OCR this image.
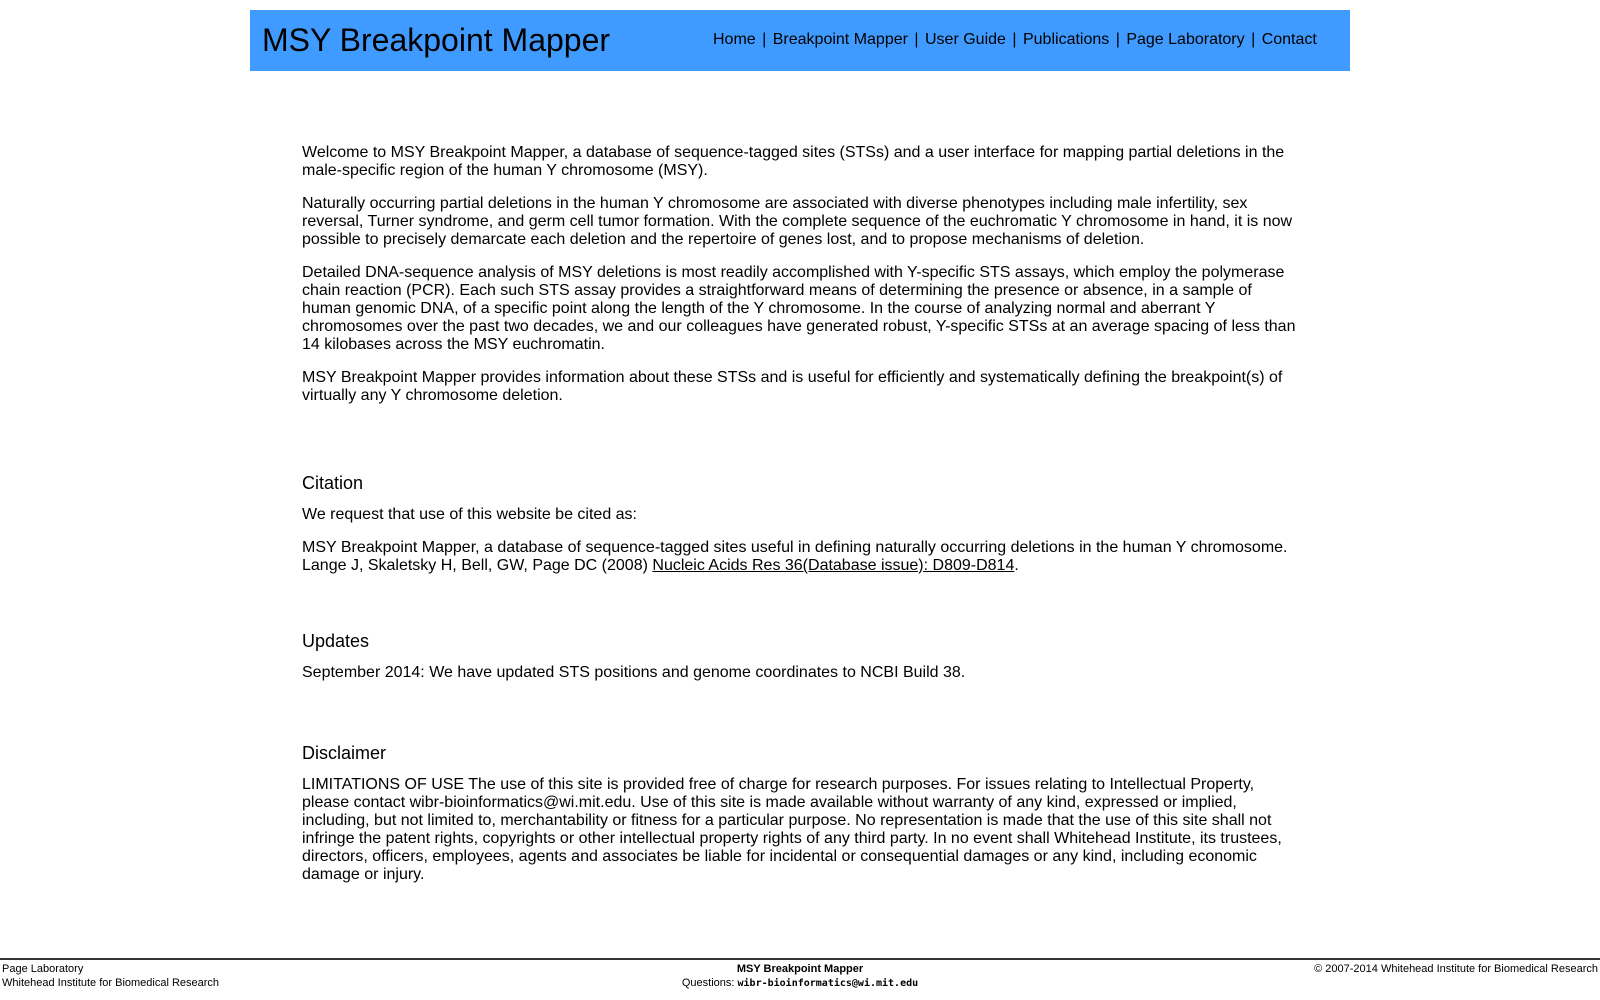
MSY Breakpoint Mapper	Home | Breakpoint Mapper | User Guide | Publications | Page Laboratory | Contact

Welcome to MSY Breakpoint Mapper, a database of sequence-tagged sites (STSs) and a user interface for mapping partial deletions in the male-specific region of the human Y chromosome (MSY).

Naturally occurring partial deletions in the human Y chromosome are associated with diverse phenotypes including male infertility, sex reversal, Turner syndrome, and germ cell tumor formation. With the complete sequence of the euchromatic Y chromosome in hand, it is now possible to precisely demarcate each deletion and the repertoire of genes lost, and to propose mechanisms of deletion.

Detailed DNA-sequence analysis of MSY deletions is most readily accomplished with Y-specific STS assays, which employ the polymerase chain reaction (PCR). Each such STS assay provides a straightforward means of determining the presence or absence, in a sample of human genomic DNA, of a specific point along the length of the Y chromosome. In the course of analyzing normal and aberrant Y chromosomes over the past two decades, we and our colleagues have generated robust, Y-specific STSs at an average spacing of less than 14 kilobases across the MSY euchromatin.

MSY Breakpoint Mapper provides information about these STSs and is useful for efficiently and systematically defining the breakpoint(s) of virtually any Y chromosome deletion.

Citation

We request that use of this website be cited as:

MSY Breakpoint Mapper, a database of sequence-tagged sites useful in defining naturally occurring deletions in the human Y chromosome.
Lange J, Skaletsky H, Bell, GW, Page DC (2008) Nucleic Acids Res 36(Database issue): D809-D814.

Updates

September 2014: We have updated STS positions and genome coordinates to NCBI Build 38.

Disclaimer

LIMITATIONS OF USE The use of this site is provided free of charge for research purposes. For issues relating to Intellectual Property, please contact wibr-bioinformatics@wi.mit.edu. Use of this site is made available without warranty of any kind, expressed or implied, including, but not limited to, merchantability or fitness for a particular purpose. No representation is made that the use of this site shall not infringe the patent rights, copyrights or other intellectual property rights of any third party. In no event shall Whitehead Institute, its trustees, directors, officers, employees, agents and associates be liable for incidental or consequential damages or any kind, including economic damage or injury.

Page Laboratory
Whitehead Institute for Biomedical Research
MSY Breakpoint Mapper
Questions: wibr-bioinformatics@wi.mit.edu
© 2007-2014 Whitehead Institute for Biomedical Research
